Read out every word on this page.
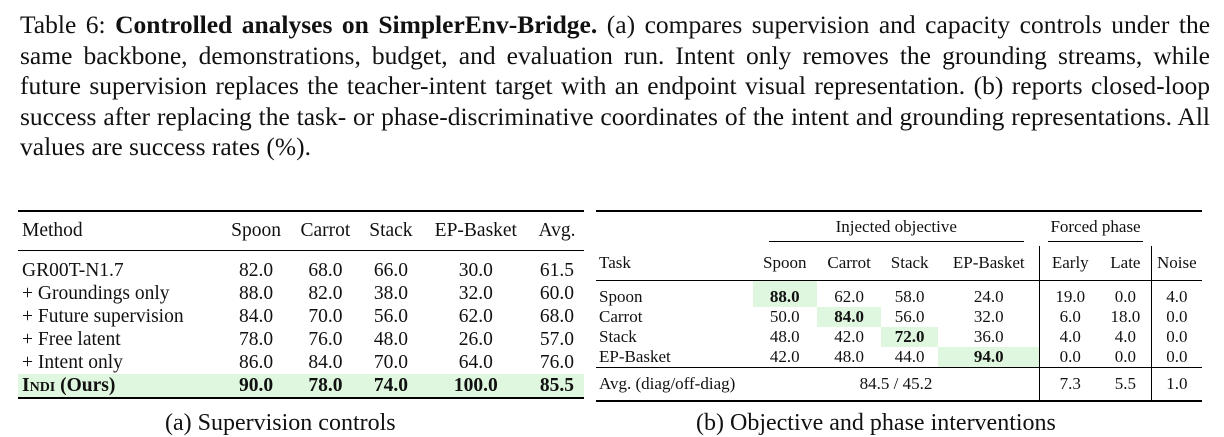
Table 6: Controlled analyses on SimplerEnv-Bridge. (a) compares supervision and capacity controls under the same backbone, demonstrations, budget, and evaluation run. Intent only removes the grounding streams, while future supervision replaces the teacher-intent target with an endpoint visual representation. (b) reports closed-loop success after replacing the task- or phase-discriminative coordinates of the intent and grounding representations. All values are success rates (%).
Method	Spoon	Carrot	Stack	EP-Basket	Avg.
GR00T-N1.7	82.0	68.0	66.0	30.0	61.5
+ Groundings only	88.0	82.0	38.0	32.0	60.0
+ Future supervision	84.0	70.0	56.0	62.0	68.0
+ Free latent	78.0	76.0	48.0	26.0	57.0
+ Intent only	86.0	84.0	70.0	64.0	76.0
Indi (Ours)	90.0	78.0	74.0	100.0	85.5
(a) Supervision controls
	Injected objective				Forced phase		
Task	Spoon	Carrot	Stack	EP-Basket	Early	Late	Noise
Spoon	88.0	62.0	58.0	24.0	19.0	0.0	4.0
Carrot	50.0	84.0	56.0	32.0	6.0	18.0	0.0
Stack	48.0	42.0	72.0	36.0	4.0	4.0	0.0
EP-Basket	42.0	48.0	44.0	94.0	0.0	0.0	0.0
Avg. (diag/off-diag)	84.5 / 45.2				7.3	5.5	1.0
(b) Objective and phase interventions
